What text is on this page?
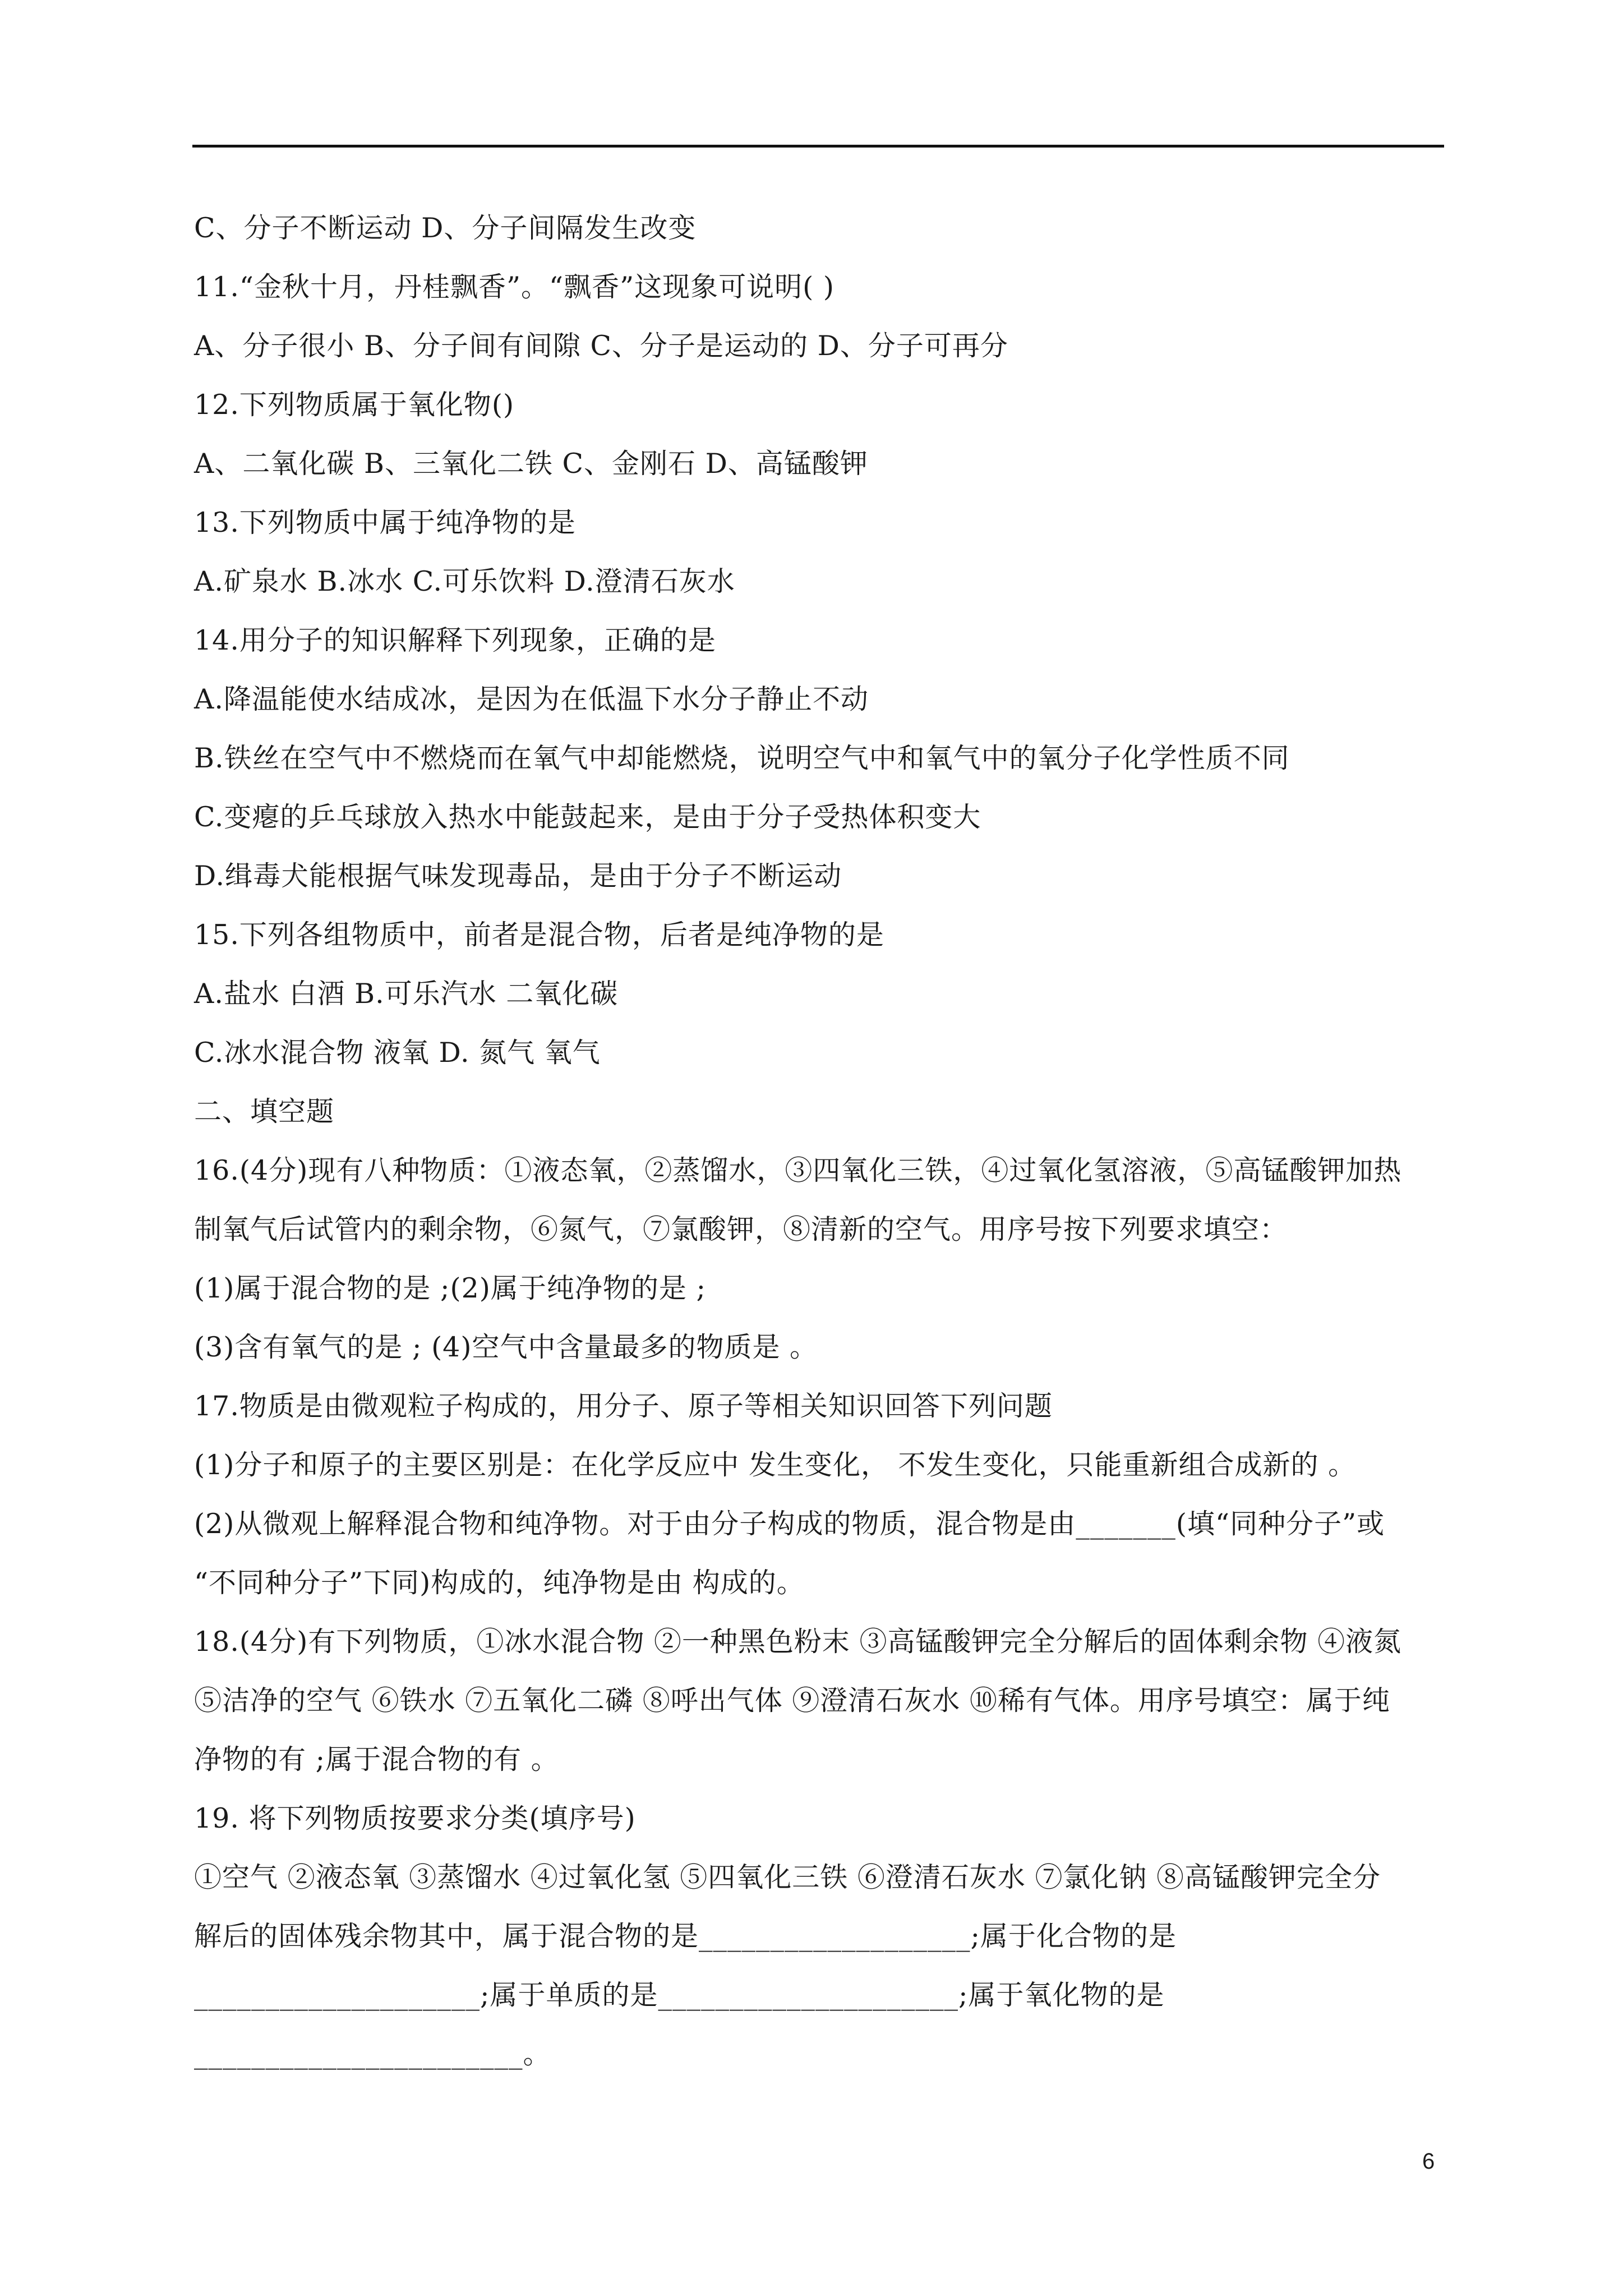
C、分子不断运动 D、分子间隔发生改变
11.“金秋十月，丹桂飘香”。“飘香”这现象可说明( )
A、分子很小 B、分子间有间隙 C、分子是运动的 D、分子可再分
12.下列物质属于氧化物()
A、二氧化碳 B、三氧化二铁 C、金刚石 D、高锰酸钾
13.下列物质中属于纯净物的是
A.矿泉水 B.冰水 C.可乐饮料 D.澄清石灰水
14.用分子的知识解释下列现象，正确的是
A.降温能使水结成冰，是因为在低温下水分子静止不动
B.铁丝在空气中不燃烧而在氧气中却能燃烧，说明空气中和氧气中的氧分子化学性质不同
C.变瘪的乒乓球放入热水中能鼓起来，是由于分子受热体积变大
D.缉毒犬能根据气味发现毒品，是由于分子不断运动
15.下列各组物质中，前者是混合物，后者是纯净物的是
A.盐水 白酒 B.可乐汽水 二氧化碳
C.冰水混合物 液氧 D. 氮气 氧气
二、填空题
16.(4分)现有八种物质：①液态氧，②蒸馏水，③四氧化三铁，④过氧化氢溶液，⑤高锰酸钾加热
制氧气后试管内的剩余物，⑥氮气，⑦氯酸钾，⑧清新的空气。用序号按下列要求填空：
(1)属于混合物的是 ;(2)属于纯净物的是 ;
(3)含有氧气的是 ; (4)空气中含量最多的物质是 。
17.物质是由微观粒子构成的，用分子、原子等相关知识回答下列问题
(1)分子和原子的主要区别是：在化学反应中 发生变化， 不发生变化，只能重新组合成新的 。
(2)从微观上解释混合物和纯净物。对于由分子构成的物质，混合物是由_______(填“同种分子”或
“不同种分子”下同)构成的，纯净物是由 构成的。
18.(4分)有下列物质，①冰水混合物 ②一种黑色粉末 ③高锰酸钾完全分解后的固体剩余物 ④液氮
⑤洁净的空气 ⑥铁水 ⑦五氧化二磷 ⑧呼出气体 ⑨澄清石灰水 ⑩稀有气体。用序号填空：属于纯
净物的有 ;属于混合物的有 。
19. 将下列物质按要求分类(填序号)
①空气 ②液态氧 ③蒸馏水 ④过氧化氢 ⑤四氧化三铁 ⑥澄清石灰水 ⑦氯化钠 ⑧高锰酸钾完全分
解后的固体残余物其中，属于混合物的是___________________;属于化合物的是
____________________;属于单质的是_____________________;属于氧化物的是
_______________________。
6
